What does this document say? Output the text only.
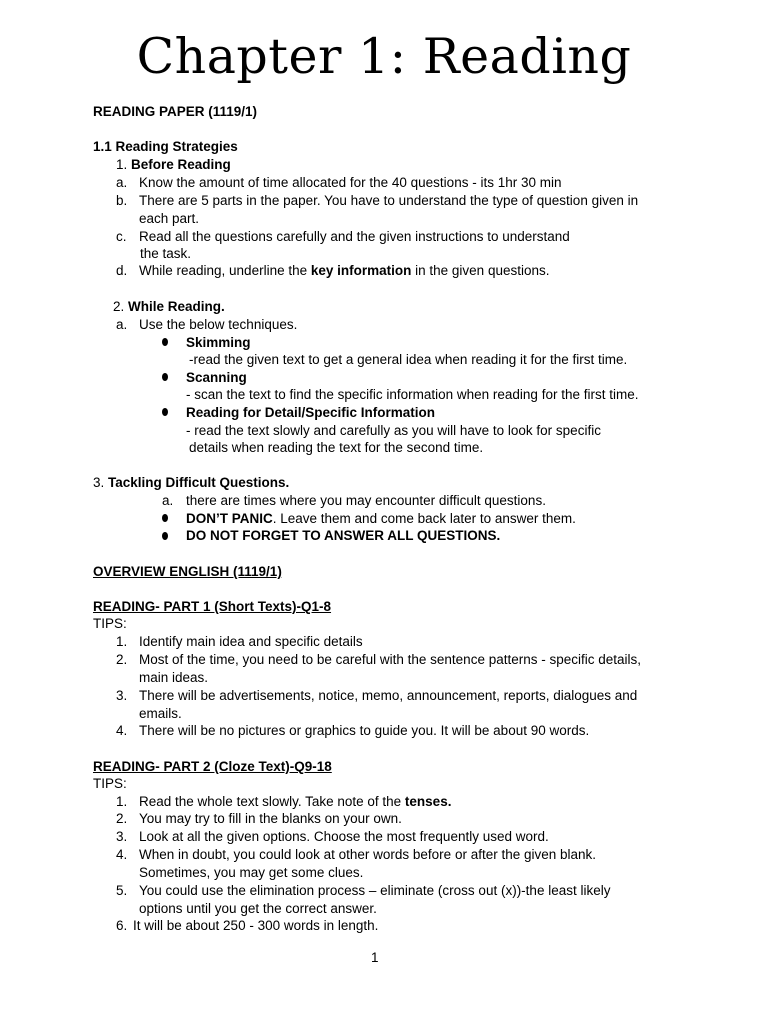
Chapter 1: Reading
READING PAPER (1119/1)
1.1 Reading Strategies
1. Before Reading
a. Know the amount of time allocated for the 40 questions - its 1hr 30 min
b. There are 5 parts in the paper. You have to understand the type of question given in
each part.
c. Read all the questions carefully and the given instructions to understand
the task.
d. While reading, underline the key information in the given questions.
2. While Reading.
a. Use the below techniques.
Skimming
-read the given text to get a general idea when reading it for the first time.
Scanning
- scan the text to find the specific information when reading for the first time.
Reading for Detail/Specific Information
- read the text slowly and carefully as you will have to look for specific
details when reading the text for the second time.
3. Tackling Difficult Questions.
a. there are times where you may encounter difficult questions.
DON’T PANIC. Leave them and come back later to answer them.
DO NOT FORGET TO ANSWER ALL QUESTIONS.
OVERVIEW ENGLISH (1119/1)
READING- PART 1 (Short Texts)-Q1-8
TIPS:
1. Identify main idea and specific details
2. Most of the time, you need to be careful with the sentence patterns - specific details,
main ideas.
3. There will be advertisements, notice, memo, announcement, reports, dialogues and
emails.
4. There will be no pictures or graphics to guide you. It will be about 90 words.
READING- PART 2 (Cloze Text)-Q9-18
TIPS:
1. Read the whole text slowly. Take note of the tenses.
2. You may try to fill in the blanks on your own.
3. Look at all the given options. Choose the most frequently used word.
4. When in doubt, you could look at other words before or after the given blank.
Sometimes, you may get some clues.
5. You could use the elimination process – eliminate (cross out (x))-the least likely
options until you get the correct answer.
6. It will be about 250 - 300 words in length.
1
